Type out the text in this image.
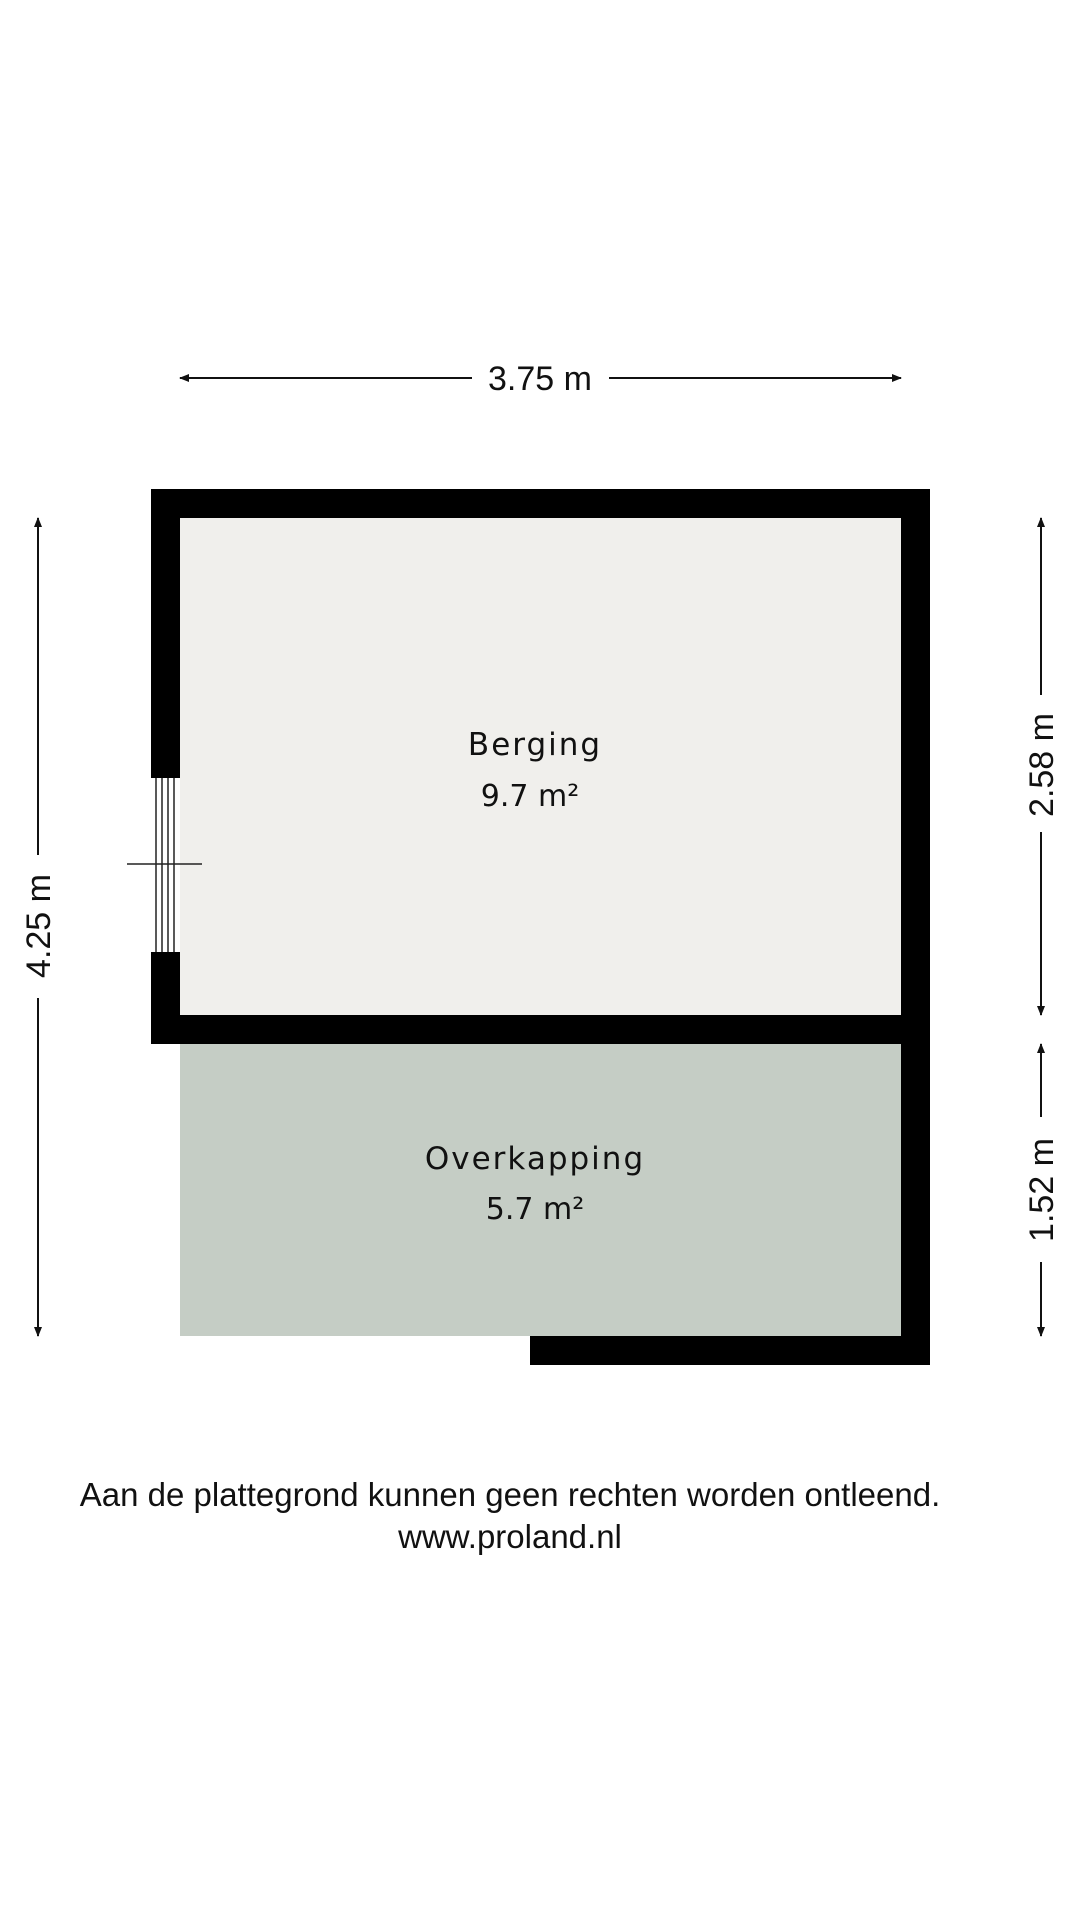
3.75 m
4.25 m
2.58 m
1.52 m
Berging
9.7 m²
Overkapping
5.7 m²
Aan de plattegrond kunnen geen rechten worden ontleend.
www.proland.nl
